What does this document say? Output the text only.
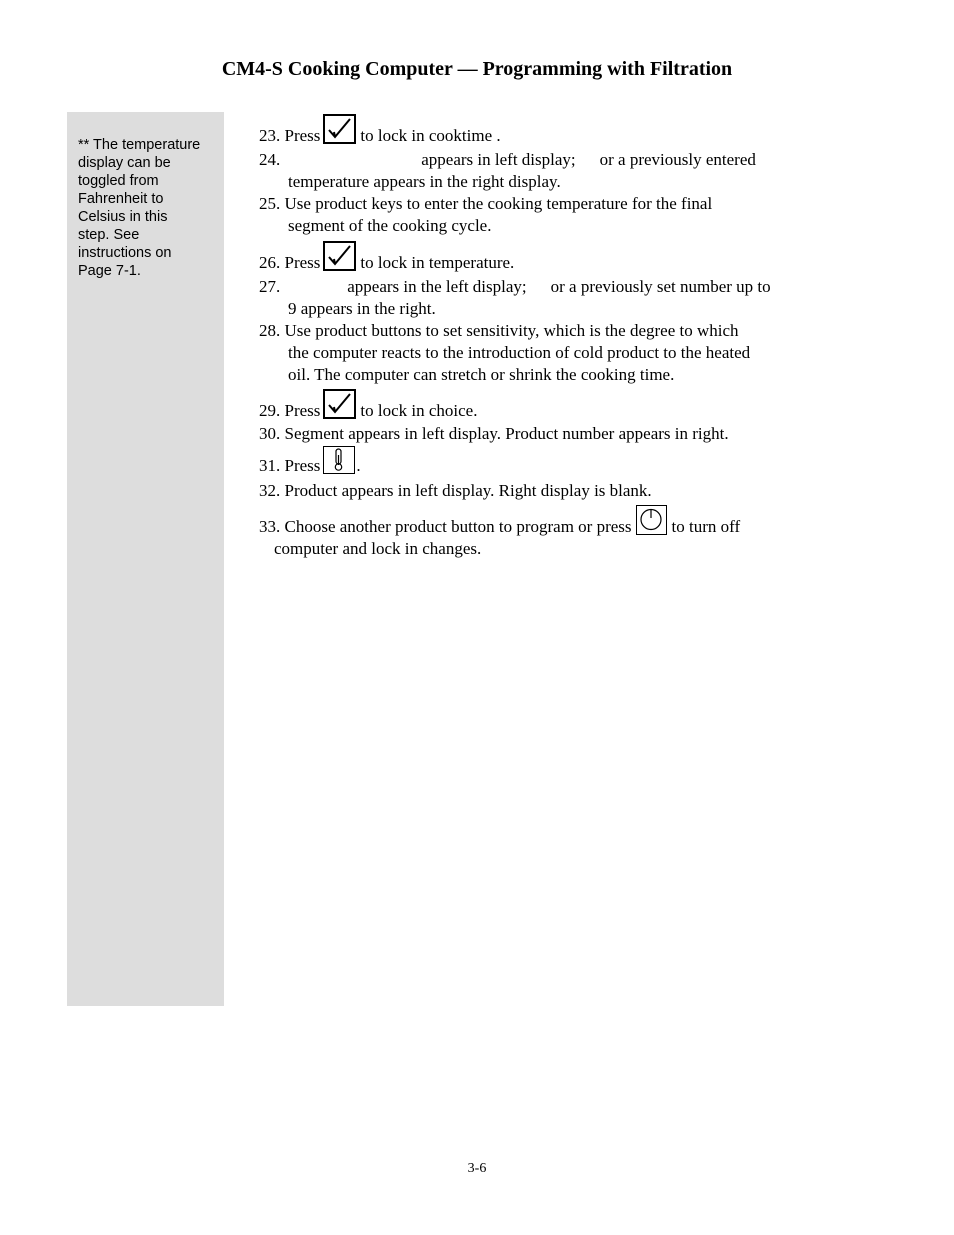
CM4-S Cooking Computer — Programming with Filtration
** The temperature
display can be
toggled from
Fahrenheit to
Celsius in this
step. See
instructions on
Page 7-1.
23. Press to lock in cooktime .
24.	appears in left display; or a previously entered
temperature appears in the right display.
25. Use product keys to enter the cooking temperature for the final
segment of the cooking cycle.
26. Press to lock in temperature.
27.	appears in the left display; or a previously set number up to
9 appears in the right.
28. Use product buttons to set sensitivity, which is the degree to which
the computer reacts to the introduction of cold product to the heated
oil. The computer can stretch or shrink the cooking time.
29. Press to lock in choice.
30. Segment appears in left display. Product number appears in right.
31. Press .
32. Product appears in left display. Right display is blank.
33. Choose another product button to program or press to turn off
computer and lock in changes.
3-6
